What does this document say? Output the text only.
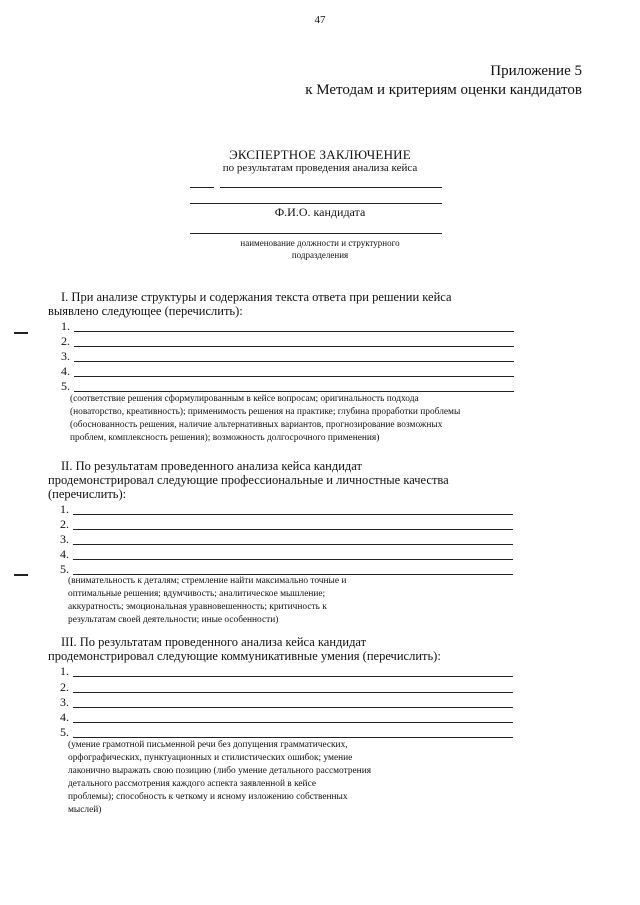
47
Приложение 5
к Методам и критериям оценки кандидатов
ЭКСПЕРТНОЕ ЗАКЛЮЧЕНИЕ
по результатам проведения анализа кейса
Ф.И.О. кандидата
наименование должности и структурного
подразделения
I. При анализе структуры и содержания текста ответа при решении кейса
выявлено следующее (перечислить):
1.
2.
3.
4.
5.
(соответствие решения сформулированным в кейсе вопросам; оригинальность подхода
(новаторство, креативность); применимость решения на практике; глубина проработки проблемы
(обоснованность решения, наличие альтернативных вариантов, прогнозирование возможных
проблем, комплексность решения); возможность долгосрочного применения)
II. По результатам проведенного анализа кейса кандидат
продемонстрировал следующие профессиональные и личностные качества
(перечислить):
1.
2.
3.
4.
5.
(внимательность к деталям; стремление найти максимально точные и
оптимальные решения; вдумчивость; аналитическое мышление;
аккуратность; эмоциональная уравновешенность; критичность к
результатам своей деятельности; иные особенности)
III. По результатам проведенного анализа кейса кандидат
продемонстрировал следующие коммуникативные умения (перечислить):
1.
2.
3.
4.
5.
(умение грамотной письменной речи без допущения грамматических,
орфографических, пунктуационных и стилистических ошибок; умение
лаконично выражать свою позицию (либо умение детального рассмотрения
детального рассмотрения каждого аспекта заявленной в кейсе
проблемы); способность к четкому и ясному изложению собственных
мыслей)
